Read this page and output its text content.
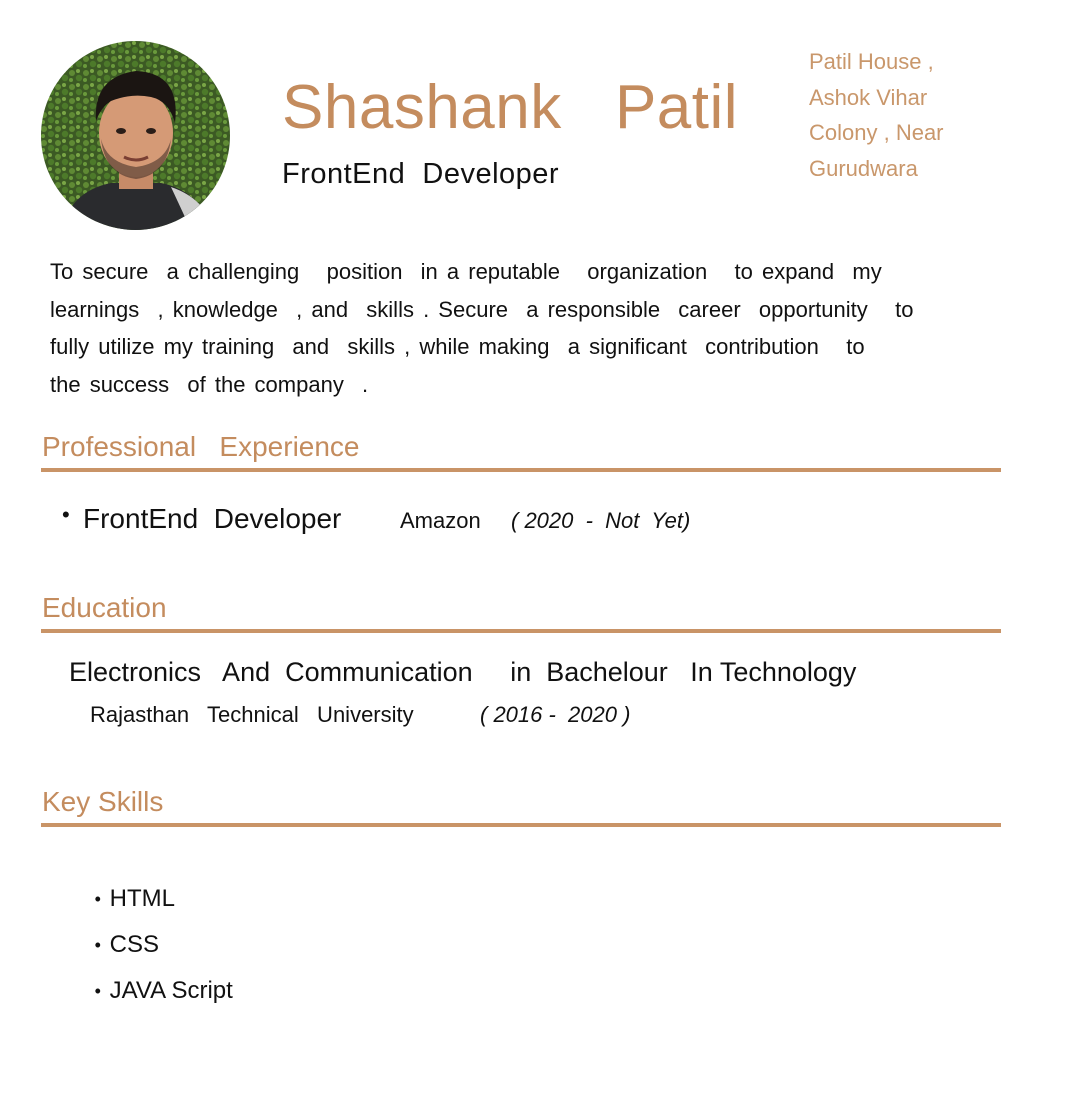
Shashank   Patil
FrontEnd  Developer
Patil House ,
Ashok Vihar
Colony , Near
Gurudwara
To secure  a challenging   position  in a reputable   organization   to expand  my
learnings  , knowledge  , and  skills . Secure  a responsible  career  opportunity   to
fully utilize my training  and  skills , while making  a significant  contribution   to
the success  of the company  .
Professional   Experience
• FrontEnd  Developer	Amazon ( 2020  -  Not  Yet)
Education
Electronics   And  Communication     in  Bachelour   In Technology
Rajasthan   Technical   University	( 2016 -  2020 )
Key Skills

• HTML

• CSS

• JAVA Script
